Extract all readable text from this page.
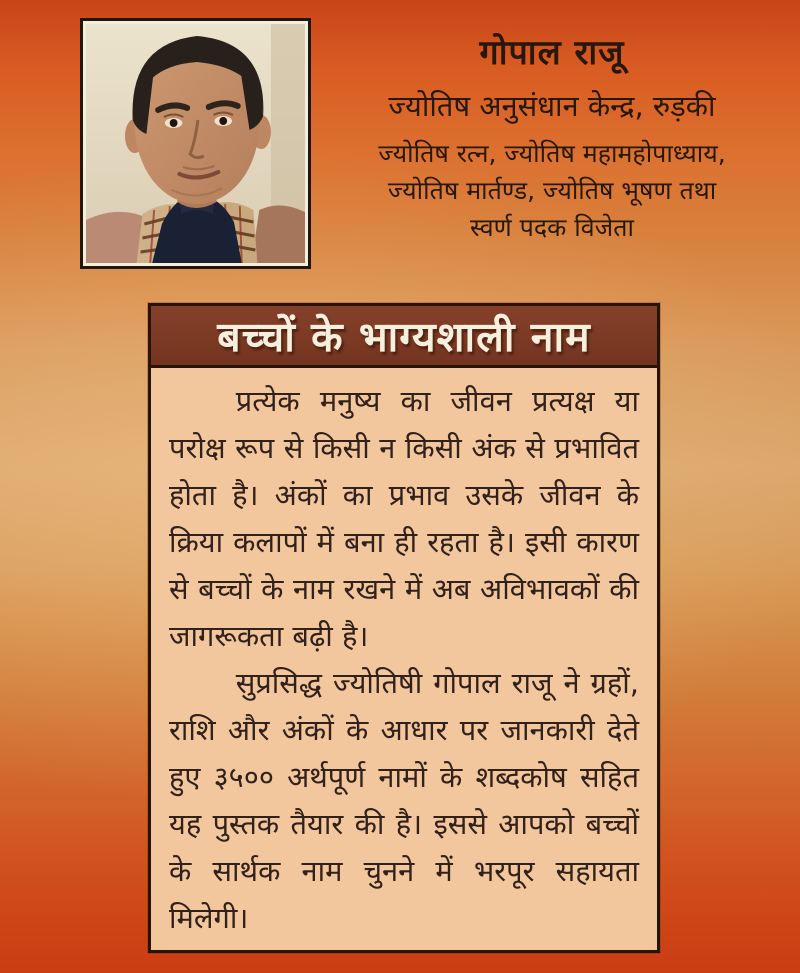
गोपाल राजू
ज्योतिष अनुसंधान केन्द्र, रुड़की
ज्योतिष रत्न, ज्योतिष महामहोपाध्याय,
ज्योतिष मार्तण्ड, ज्योतिष भूषण तथा
स्वर्ण पदक विजेता
बच्चों के भाग्यशाली नाम

प्रत्येक मनुष्य का जीवन प्रत्यक्ष या परोक्ष रूप से किसी न किसी अंक से प्रभावित होता है। अंकों का प्रभाव उसके जीवन के क्रिया कलापों में बना ही रहता है। इसी कारण से बच्चों के नाम रखने में अब अविभावकों की जागरूकता बढ़ी है।

सुप्रसिद्ध ज्योतिषी गोपाल राजू ने ग्रहों, राशि और अंकों के आधार पर जानकारी देते हुए ३५०० अर्थपूर्ण नामों के शब्दकोष सहित यह पुस्तक तैयार की है। इससे आपको बच्चों के सार्थक नाम चुनने में भरपूर सहायता मिलेगी।
